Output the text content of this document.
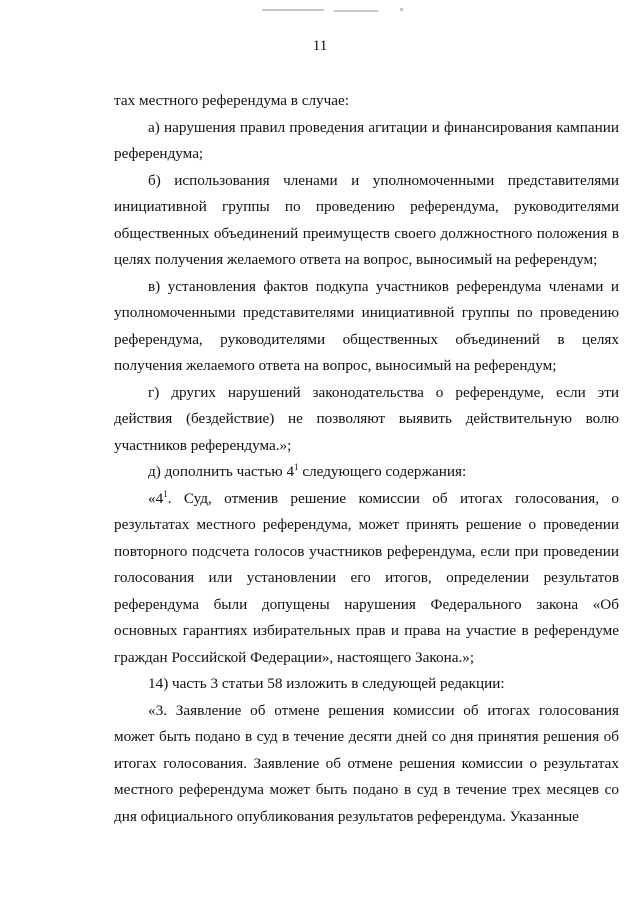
11

тах местного референдума в случае:

а) нарушения правил проведения агитации и финансирования кампании референдума;

б) использования членами и уполномоченными представителями инициативной группы по проведению референдума, руководителями общественных объединений преимуществ своего должностного положения в целях получения желаемого ответа на вопрос, выносимый на референдум;

в) установления фактов подкупа участников референдума членами и уполномоченными представителями инициативной группы по проведению референдума, руководителями общественных объединений в целях получения желаемого ответа на вопрос, выносимый на референдум;

г) других нарушений законодательства о референдуме, если эти действия (бездействие) не позволяют выявить действительную волю участников референдума.»;

д) дополнить частью $4^1$ следующего содержания:

«$4^1$. Суд, отменив решение комиссии об итогах голосования, о результатах местного референдума, может принять решение о проведении повторного подсчета голосов участников референдума, если при проведении голосования или установлении его итогов, определении результатов референдума были допущены нарушения Федерального закона «Об основных гарантиях избирательных прав и права на участие в референдуме граждан Российской Федерации», настоящего Закона.»;

14) часть 3 статьи 58 изложить в следующей редакции:

«3. Заявление об отмене решения комиссии об итогах голосования может быть подано в суд в течение десяти дней со дня принятия решения об итогах голосования. Заявление об отмене решения комиссии о результатах местного референдума может быть подано в суд в течение трех месяцев со дня официального опубликования результатов референдума. Указанные
